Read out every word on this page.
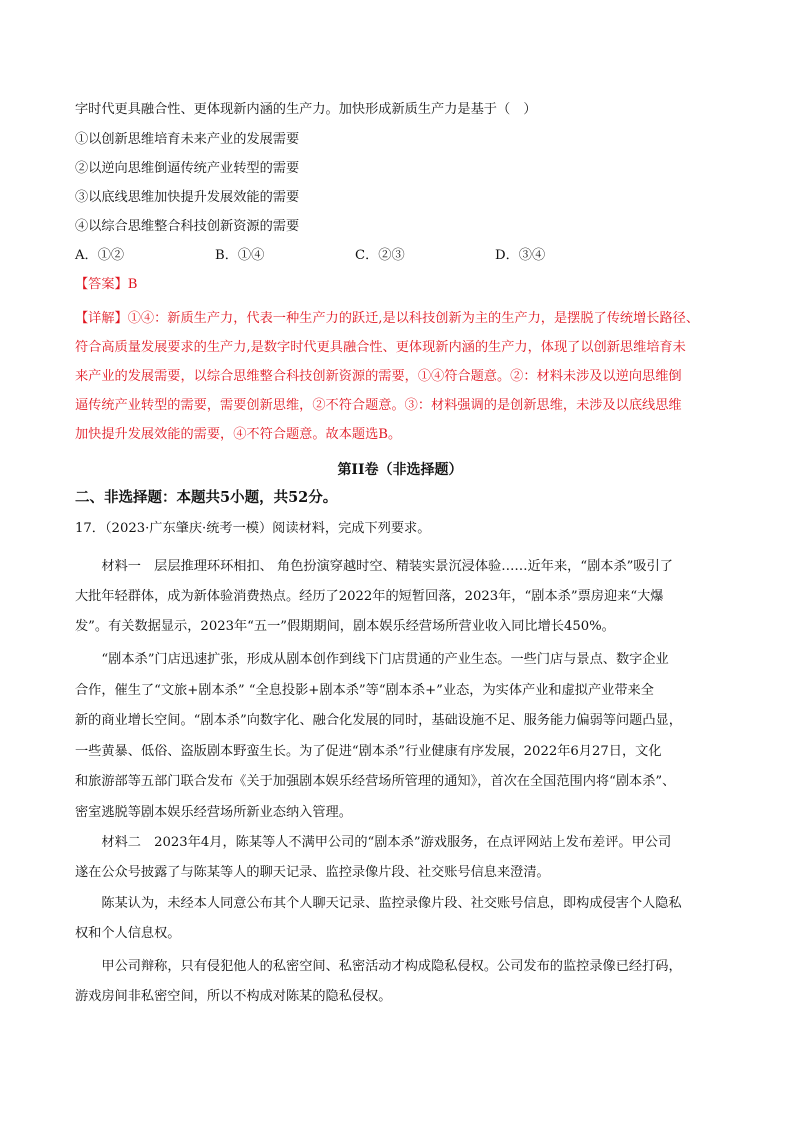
字时代更具融合性、更体现新内涵的生产力。加快形成新质生产力是基于（　）
①以创新思维培育未来产业的发展需要
②以逆向思维倒逼传统产业转型的需要
③以底线思维加快提升发展效能的需要
④以综合思维整合科技创新资源的需要
A．①②	B．①④	C．②③	D．③④
【答案】B
【详解】①④：新质生产力，代表一种生产力的跃迁,是以科技创新为主的生产力，是摆脱了传统增长路径、
符合高质量发展要求的生产力,是数字时代更具融合性、更体现新内涵的生产力，体现了以创新思维培育未
来产业的发展需要，以综合思维整合科技创新资源的需要，①④符合题意。②：材料未涉及以逆向思维倒
逼传统产业转型的需要，需要创新思维，②不符合题意。③：材料强调的是创新思维，未涉及以底线思维
加快提升发展效能的需要，④不符合题意。故本题选B。
第II卷（非选择题）
二、非选择题：本题共5小题，共52分。
17．（2023·广东肇庆·统考一模）阅读材料，完成下列要求。
材料一　层层推理环环相扣、 角色扮演穿越时空、精装实景沉浸体验……近年来，“剧本杀”吸引了
大批年轻群体，成为新体验消费热点。经历了2022年的短暂回落，2023年，“剧本杀”票房迎来“大爆
发”。有关数据显示，2023年“五一”假期期间，剧本娱乐经营场所营业收入同比增长450%。
“剧本杀”门店迅速扩张，形成从剧本创作到线下门店贯通的产业生态。一些门店与景点、数字企业
合作，催生了“文旅+剧本杀” “全息投影+剧本杀”等“剧本杀+”业态，为实体产业和虚拟产业带来全
新的商业增长空间。“剧本杀”向数字化、融合化发展的同时，基础设施不足、服务能力偏弱等问题凸显，
一些黄暴、低俗、盗版剧本野蛮生长。为了促进“剧本杀”行业健康有序发展，2022年6月27日，文化
和旅游部等五部门联合发布《关于加强剧本娱乐经营场所管理的通知》，首次在全国范围内将“剧本杀”、
密室逃脱等剧本娱乐经营场所新业态纳入管理。
材料二　2023年4月，陈某等人不满甲公司的“剧本杀”游戏服务，在点评网站上发布差评。甲公司
遂在公众号披露了与陈某等人的聊天记录、监控录像片段、社交账号信息来澄清。
陈某认为，未经本人同意公布其个人聊天记录、监控录像片段、社交账号信息，即构成侵害个人隐私
权和个人信息权。
甲公司辩称，只有侵犯他人的私密空间、私密活动才构成隐私侵权。公司发布的监控录像已经打码，
游戏房间非私密空间，所以不构成对陈某的隐私侵权。
